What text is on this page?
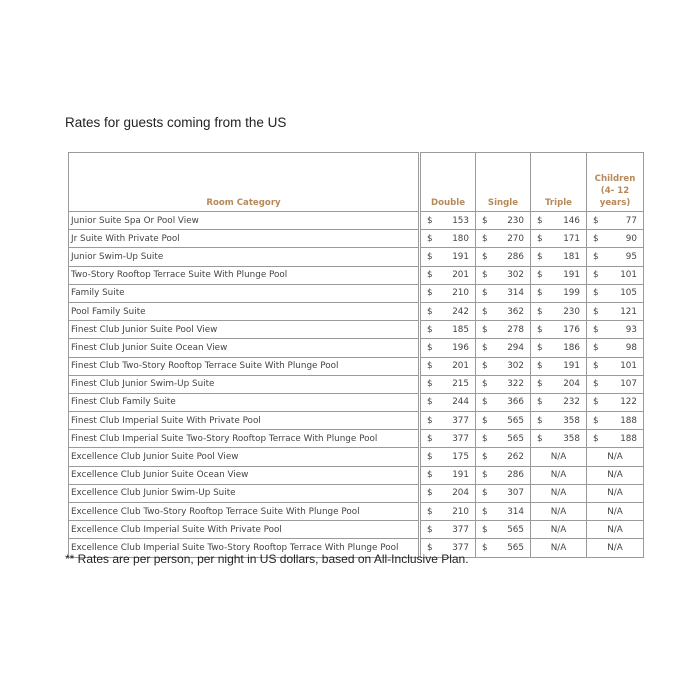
Rates for guests coming from the US
Room Category	Double	Single	Triple	Children
(4- 12
years)
Junior Suite Spa Or Pool View	$ 153	$ 230	$ 146	$ 77

Jr Suite With Private Pool	$ 180	$ 270	$ 171	$ 90

Junior Swim-Up Suite	$ 191	$ 286	$ 181	$ 95

Two-Story Rooftop Terrace Suite With Plunge Pool	$ 201	$ 302	$ 191	$ 101

Family Suite	$ 210	$ 314	$ 199	$ 105

Pool Family Suite	$ 242	$ 362	$ 230	$ 121

Finest Club Junior Suite Pool View	$ 185	$ 278	$ 176	$ 93

Finest Club Junior Suite Ocean View	$ 196	$ 294	$ 186	$ 98

Finest Club Two-Story Rooftop Terrace Suite With Plunge Pool	$ 201	$ 302	$ 191	$ 101

Finest Club Junior Swim-Up Suite	$ 215	$ 322	$ 204	$ 107

Finest Club Family Suite	$ 244	$ 366	$ 232	$ 122

Finest Club Imperial Suite With Private Pool	$ 377	$ 565	$ 358	$ 188

Finest Club Imperial Suite Two-Story Rooftop Terrace With Plunge Pool	$ 377	$ 565	$ 358	$ 188

Excellence Club Junior Suite Pool View	$ 175	$ 262	N/A	N/A
Excellence Club Junior Suite Ocean View	$ 191	$ 286	N/A	N/A
Excellence Club Junior Swim-Up Suite	$ 204	$ 307	N/A	N/A
Excellence Club Two-Story Rooftop Terrace Suite With Plunge Pool	$ 210	$ 314	N/A	N/A
Excellence Club Imperial Suite With Private Pool	$ 377	$ 565	N/A	N/A
Excellence Club Imperial Suite Two-Story Rooftop Terrace With Plunge Pool	$ 377	$ 565	N/A	N/A
** Rates are per person, per night in US dollars, based on All-Inclusive Plan.
